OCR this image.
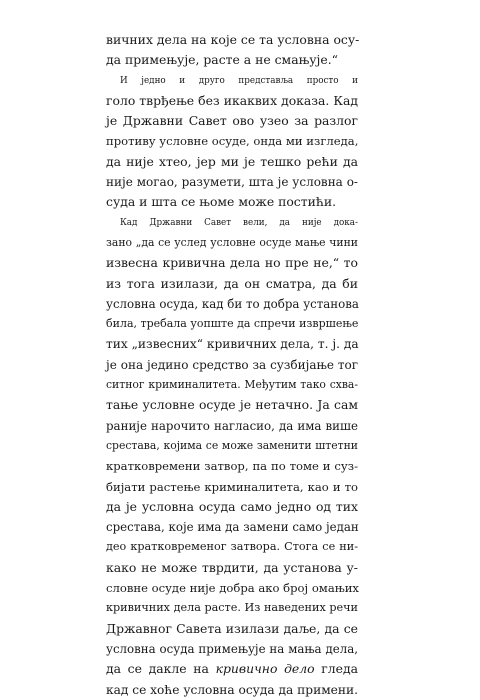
вичних дела на које се та условна осу-
да примењује, расте а не смањује.“
И једно и друго представља просто и
голо тврђење без икаквих доказа. Кад
је Државни Савет ово узео за разлог
противу условне осуде, онда ми изгледа,
да није хтео, јер ми је тешко рећи да
није могао, разумети, шта је условна о-
суда и шта се њоме може постићи.
Кад Државни Савет вели, да није дока-
зано „да се услед условне осуде мање чини
извесна кривична дела но пре не,“ то
из тога изилази, да он сматра, да би
условна осуда, кад би то добра установа
била, требала уопште да спречи извршење
тих „извесних“ кривичних дела, т. ј. да
је она једино средство за сузбијање тог
ситног криминалитета. Међутим тако схва-
тање условне осуде је нетачно. Ја сам
раније нарочито нагласио, да има више
срестава, којима се може заменити штетни
кратковремени затвор, па по томе и суз-
бијати растење криминалитета, као и то
да је условна осуда само једно од тих
срестава, које има да замени само један
део кратковременог затвора. Стога се ни-
како не може тврдити, да установа у-
словне осуде није добра ако број омањих
кривичних дела расте. Из наведених речи
Државног Савета изилази даље, да се
условна осуда примењује на мања дела,
да се дакле на кривично дело гледа
кад се хоће условна осуда да примени.
